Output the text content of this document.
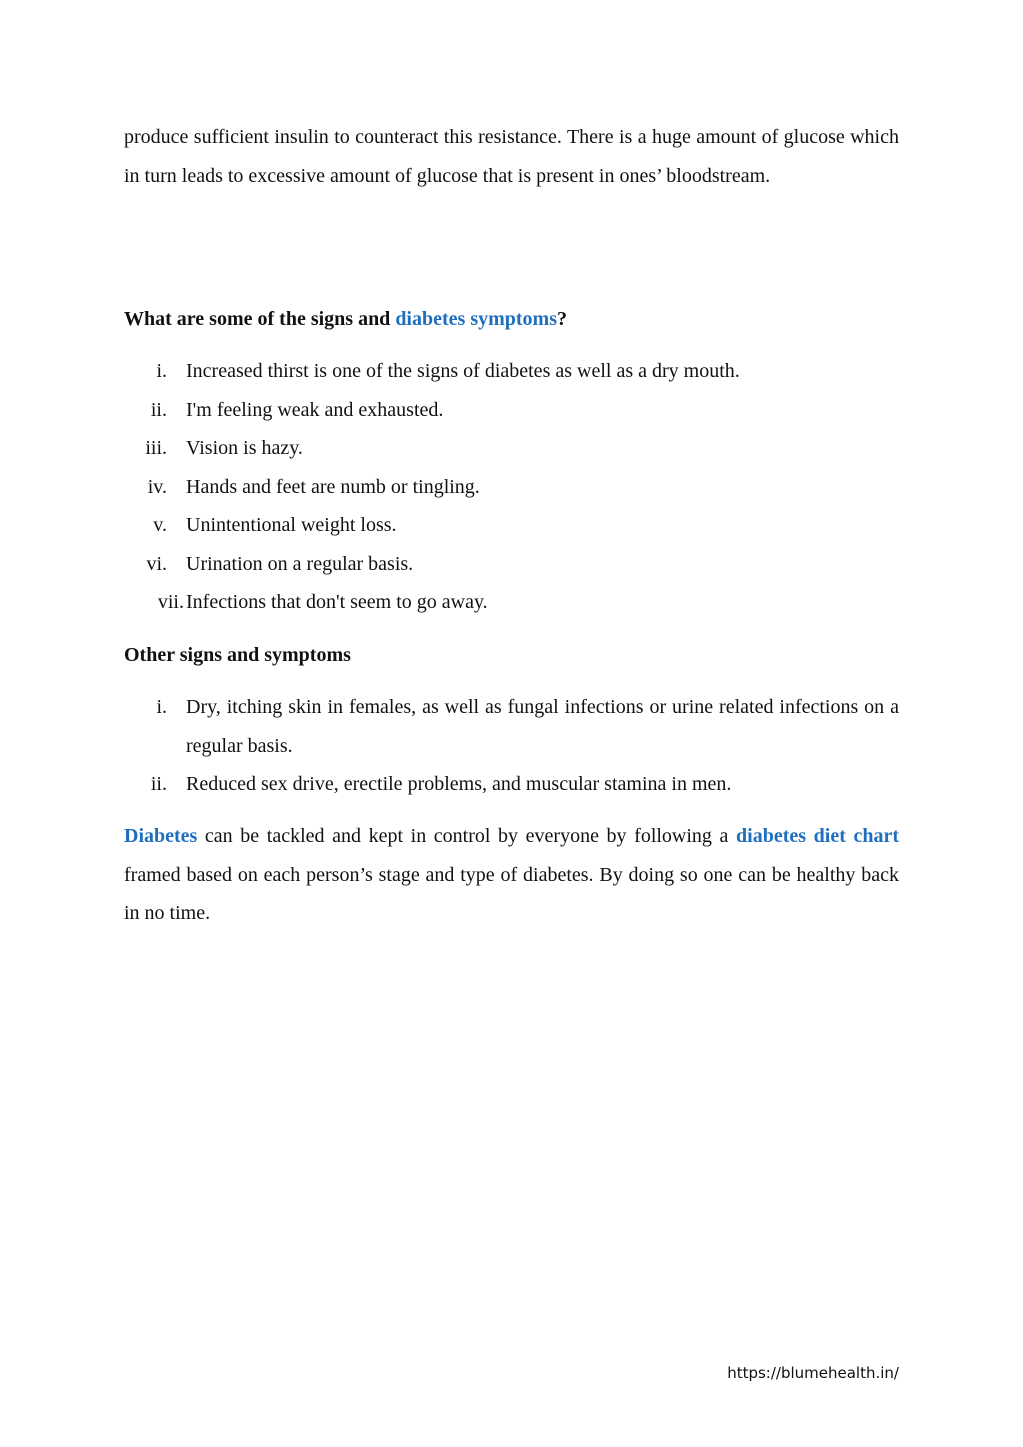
produce sufficient insulin to counteract this resistance. There is a huge amount of glucose which in turn leads to excessive amount of glucose that is present in ones’ bloodstream.

What are some of the signs and diabetes symptoms?

i. Increased thirst is one of the signs of diabetes as well as a dry mouth.
ii. I'm feeling weak and exhausted.
iii. Vision is hazy.
iv. Hands and feet are numb or tingling.
v. Unintentional weight loss.
vi. Urination on a regular basis.
vii. Infections that don't seem to go away.

Other signs and symptoms

i. Dry, itching skin in females, as well as fungal infections or urine related infections on a regular basis.
ii. Reduced sex drive, erectile problems, and muscular stamina in men.

Diabetes can be tackled and kept in control by everyone by following a diabetes diet chart framed based on each person’s stage and type of diabetes. By doing so one can be healthy back in no time.

https://blumehealth.in/
